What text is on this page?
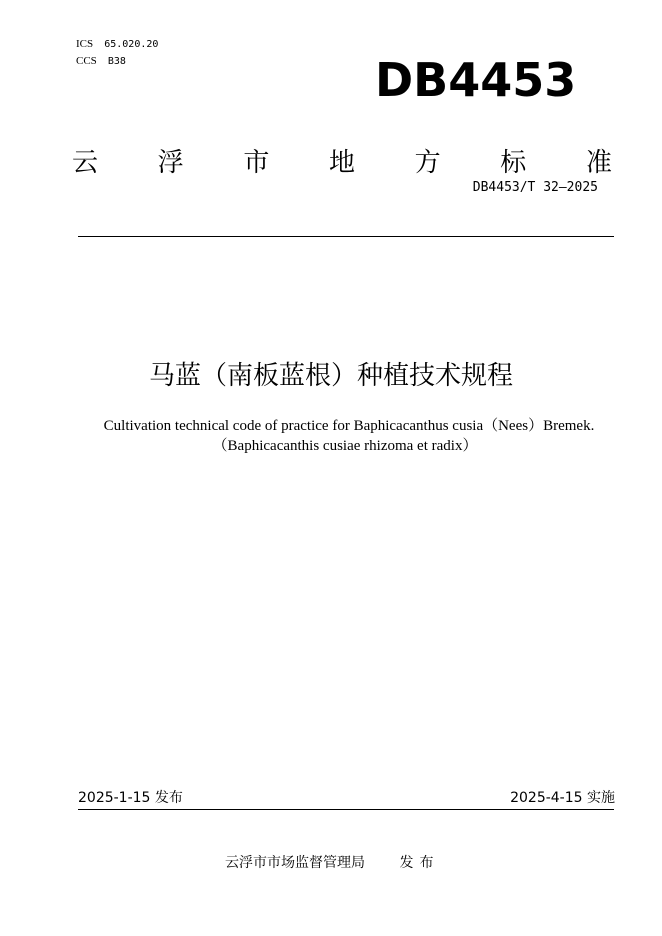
ICS 65.020.20
CCS B38	DB4453
云 浮 市 地 方 标 准
DB4453/T 32—2025
马蓝（南板蓝根）种植技术规程
Cultivation technical code of practice for Baphicacanthus cusia（Nees）Bremek.
（Baphicacanthis cusiae rhizoma et radix）
2025-1-15 发布	2025-4-15 实施
云浮市市场监督管理局 发布
